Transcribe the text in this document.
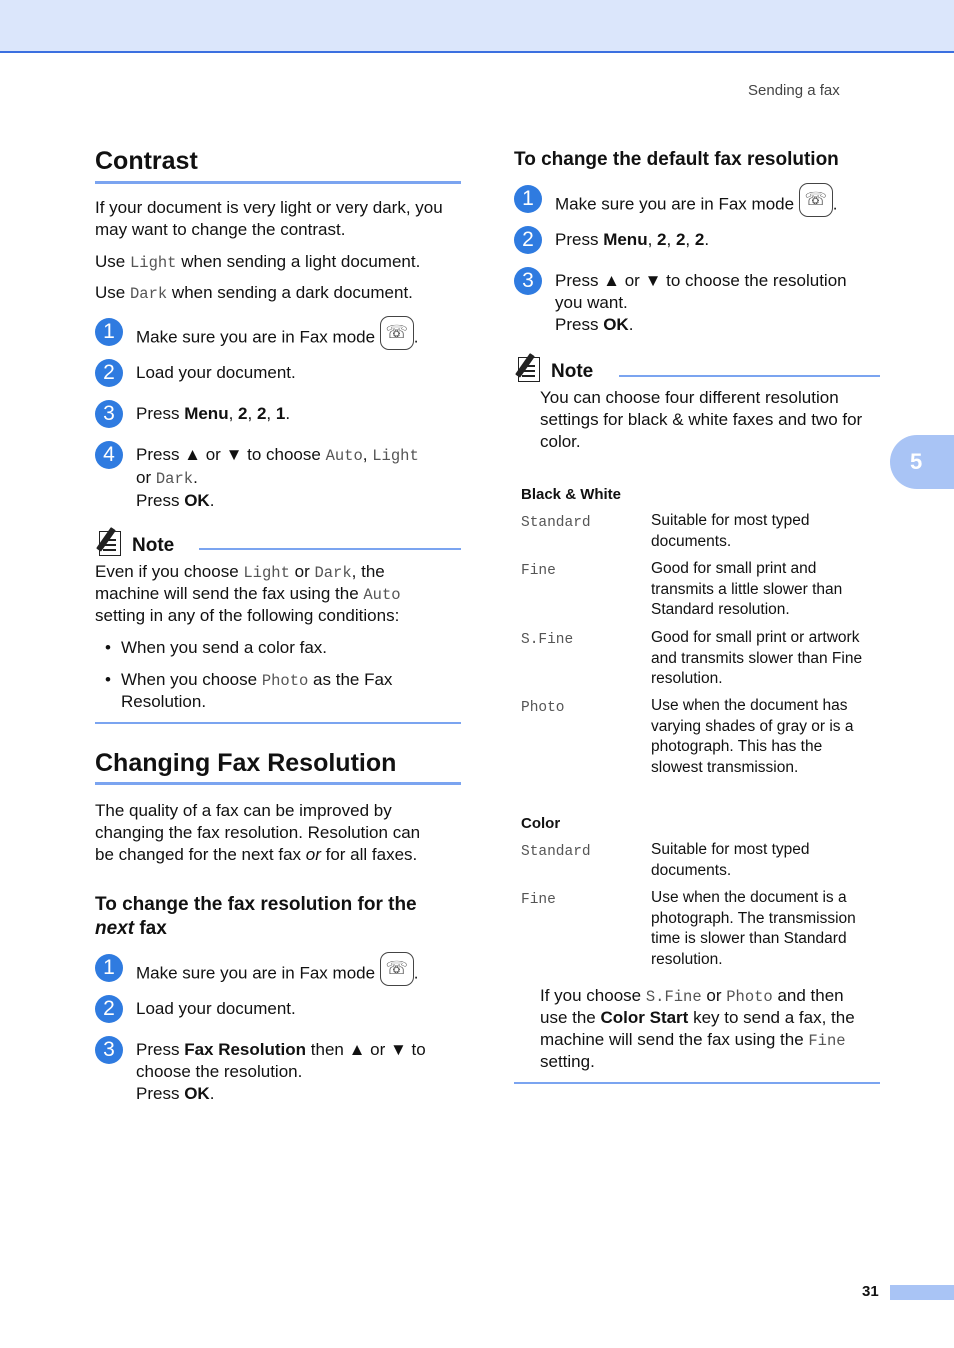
Sending a fax
5
Contrast
If your document is very light or very dark, you may want to change the contrast.
Use Light when sending a light document.
Use Dark when sending a dark document.
1	Make sure you are in Fax mode ☏ .
2	Load your document.
3	Press Menu, 2, 2, 1.
4	Press ▲ or ▼ to choose Auto, Light
or Dark.
Press OK.
Note
Even if you choose Light or Dark, the
machine will send the fax using the Auto
setting in any of the following conditions:
• When you send a color fax.
• When you choose Photo as the Fax
Resolution.
Changing Fax Resolution
The quality of a fax can be improved by
changing the fax resolution. Resolution can
be changed for the next fax or for all faxes.
To change the fax resolution for the
next fax
1	Make sure you are in Fax mode ☏ .
2	Load your document.
3	Press Fax Resolution then ▲ or ▼ to
choose the resolution.
Press OK.
To change the default fax resolution
1	Make sure you are in Fax mode ☏ .
2	Press Menu, 2, 2, 2.
3	Press ▲ or ▼ to choose the resolution
you want.
Press OK.
Note
You can choose four different resolution
settings for black & white faxes and two for
color.
Black & White
Standard	Suitable for most typed
documents.
Fine	Good for small print and
transmits a little slower than
Standard resolution.
S.Fine	Good for small print or artwork
and transmits slower than Fine
resolution.
Photo	Use when the document has
varying shades of gray or is a
photograph. This has the
slowest transmission.
Color
Standard	Suitable for most typed
documents.
Fine	Use when the document is a
photograph. The transmission
time is slower than Standard
resolution.
If you choose S.Fine or Photo and then
use the Color Start key to send a fax, the
machine will send the fax using the Fine
setting.
31
